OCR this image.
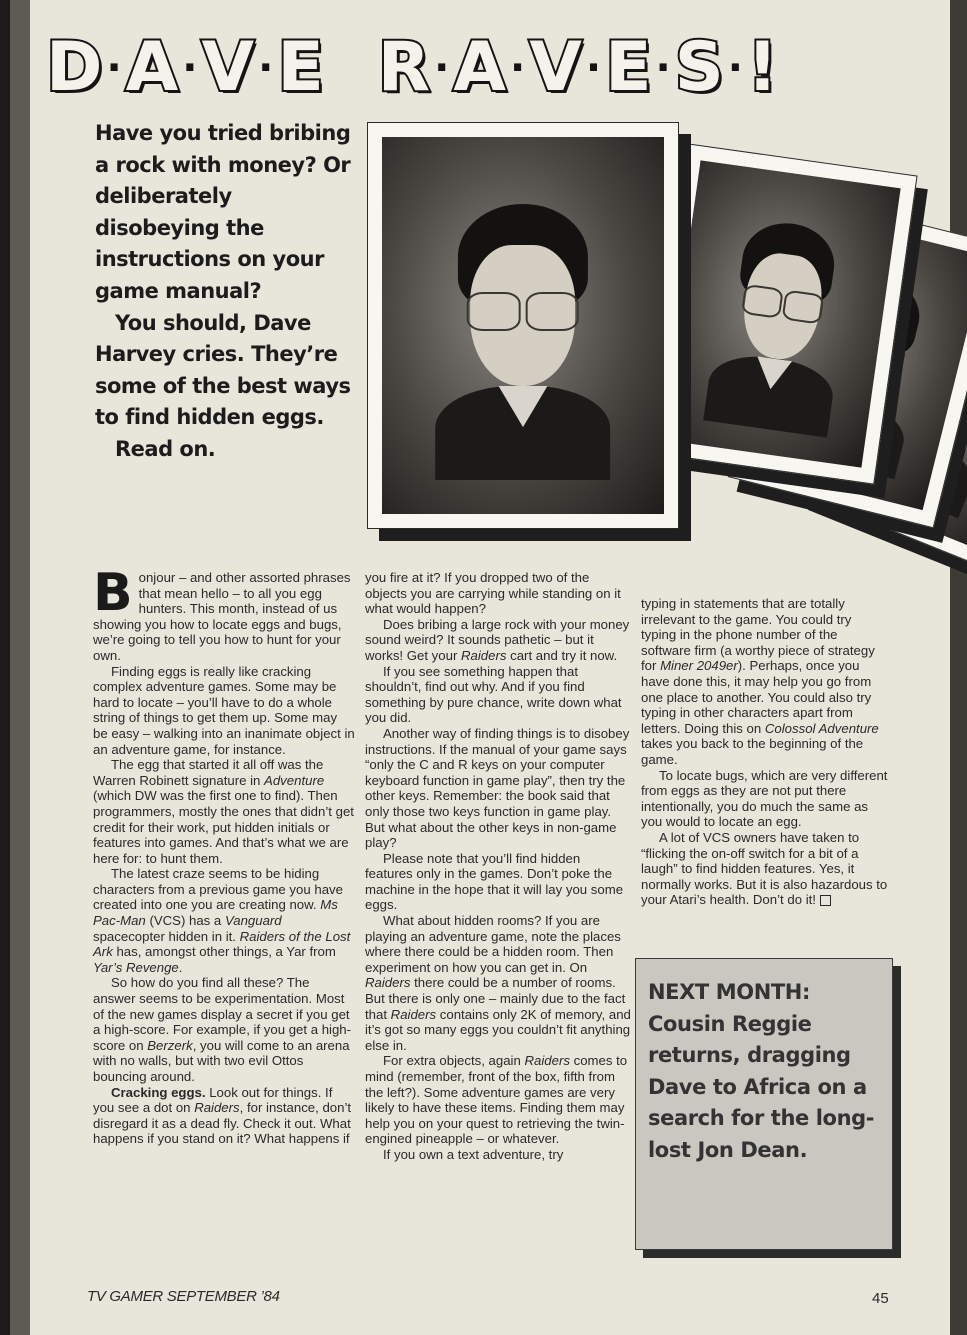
D · A · V · E R · A · V · E · S · !

Have you tried bribing a rock with money? Or deliberately disobeying the instructions on your game manual?

You should, Dave Harvey cries. They’re some of the best ways to find hidden eggs.

Read on.

Bonjour – and other assorted phrases that mean hello – to all you egg hunters. This month, instead of us showing you how to locate eggs and bugs, we’re going to tell you how to hunt for your own.

Finding eggs is really like cracking complex adventure games. Some may be hard to locate – you’ll have to do a whole string of things to get them up. Some may be easy – walking into an inanimate object in an adventure game, for instance.

The egg that started it all off was the Warren Robinett signature in Adventure (which DW was the first one to find). Then programmers, mostly the ones that didn’t get credit for their work, put hidden initials or features into games. And that’s what we are here for: to hunt them.

The latest craze seems to be hiding characters from a previous game you have created into one you are creating now. Ms Pac-Man (VCS) has a Vanguard spacecopter hidden in it. Raiders of the Lost Ark has, amongst other things, a Yar from Yar’s Revenge.

So how do you find all these? The answer seems to be experimentation. Most of the new games display a secret if you get a high-score. For example, if you get a high-score on Berzerk, you will come to an arena with no walls, but with two evil Ottos bouncing around.

Cracking eggs. Look out for things. If you see a dot on Raiders, for instance, don’t disregard it as a dead fly. Check it out. What happens if you stand on it? What happens if

you fire at it? If you dropped two of the objects you are carrying while standing on it what would happen?

Does bribing a large rock with your money sound weird? It sounds pathetic – but it works! Get your Raiders cart and try it now.

If you see something happen that shouldn’t, find out why. And if you find something by pure chance, write down what you did.

Another way of finding things is to disobey instructions. If the manual of your game says “only the C and R keys on your computer keyboard function in game play”, then try the other keys. Remember: the book said that only those two keys function in game play. But what about the other keys in non-game play?

Please note that you’ll find hidden features only in the games. Don’t poke the machine in the hope that it will lay you some eggs.

What about hidden rooms? If you are playing an adventure game, note the places where there could be a hidden room. Then experiment on how you can get in. On Raiders there could be a number of rooms. But there is only one – mainly due to the fact that Raiders contains only 2K of memory, and it’s got so many eggs you couldn’t fit anything else in.

For extra objects, again Raiders comes to mind (remember, front of the box, fifth from the left?). Some adventure games are very likely to have these items. Finding them may help you on your quest to retrieving the twin-engined pineapple – or whatever.

If you own a text adventure, try

typing in statements that are totally irrelevant to the game. You could try typing in the phone number of the software firm (a worthy piece of strategy for Miner 2049er). Perhaps, once you have done this, it may help you go from one place to another. You could also try typing in other characters apart from letters. Doing this on Colossol Adventure takes you back to the beginning of the game.

To locate bugs, which are very different from eggs as they are not put there intentionally, you do much the same as you would to locate an egg.

A lot of VCS owners have taken to “flicking the on-off switch for a bit of a laugh” to find hidden features. Yes, it normally works. But it is also hazardous to your Atari’s health. Don’t do it!

NEXT MONTH: Cousin Reggie returns, dragging Dave to Africa on a search for the long-lost Jon Dean.
TV GAMER SEPTEMBER ’84	45
